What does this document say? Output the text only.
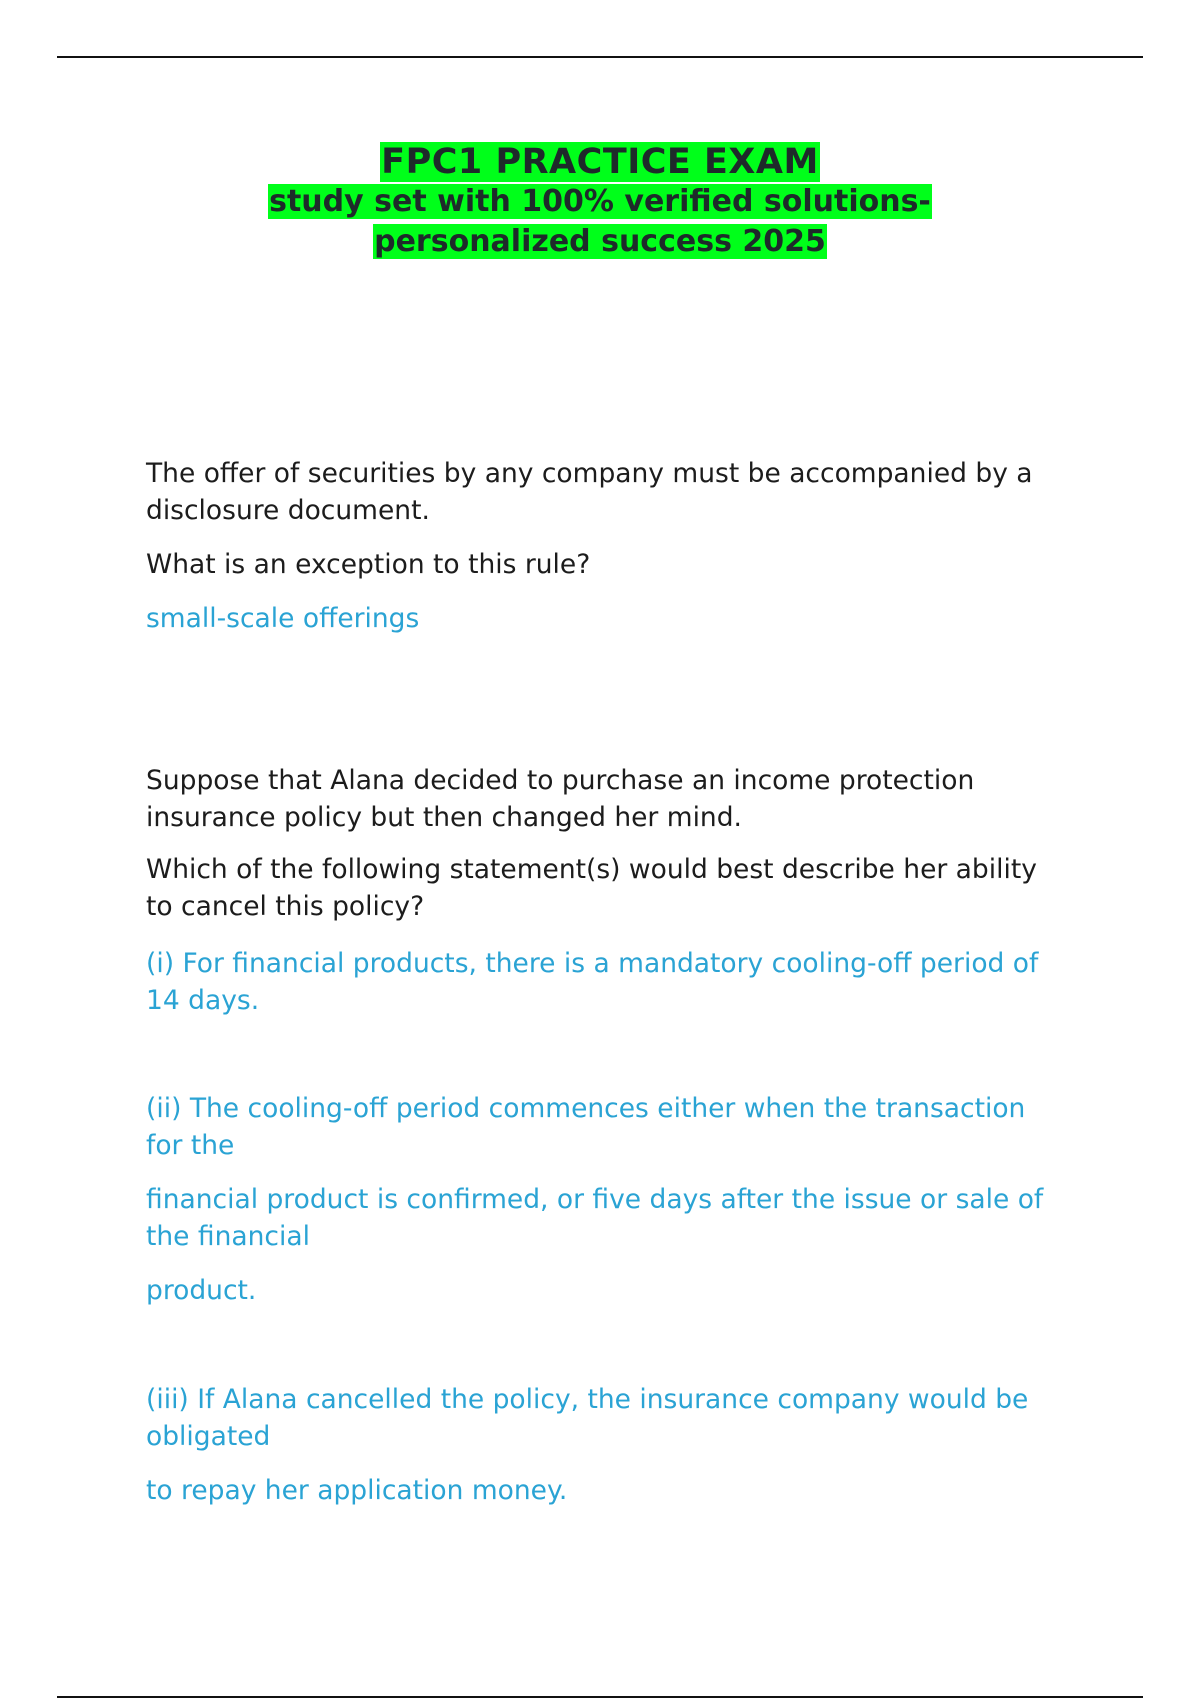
FPC1 PRACTICE EXAM
study set with 100% verified solutions-personalized success 2025

The offer of securities by any company must be accompanied by a disclosure document.

What is an exception to this rule?

small-scale offerings

Suppose that Alana decided to purchase an income protection insurance policy but then changed her mind.

Which of the following statement(s) would best describe her ability to cancel this policy?

(i) For financial products, there is a mandatory cooling-off period of 14 days.

(ii) The cooling-off period commences either when the transaction for the

financial product is confirmed, or five days after the issue or sale of the financial

product.

(iii) If Alana cancelled the policy, the insurance company would be obligated

to repay her application money.
